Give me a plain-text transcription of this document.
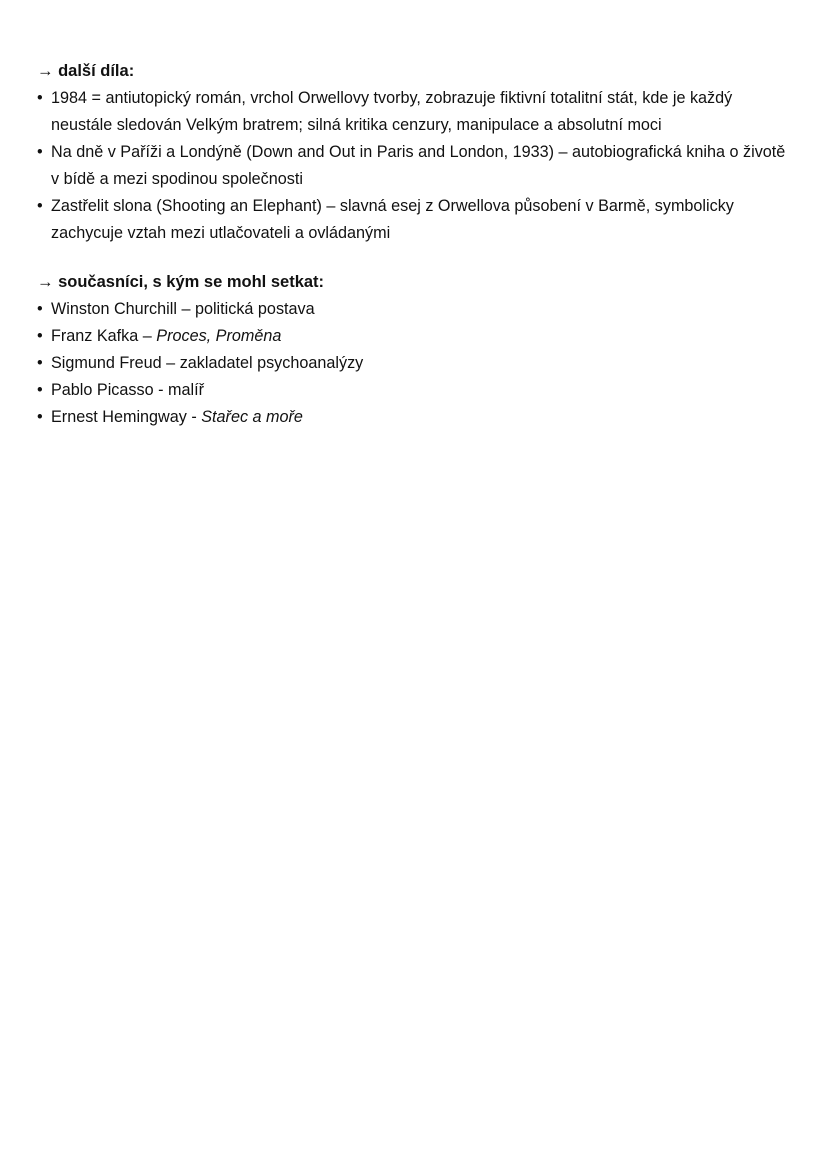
→ další díla:

• 1984 = antiutopický román, vrchol Orwellovy tvorby, zobrazuje fiktivní totalitní stát, kde je každý neustále sledován Velkým bratrem; silná kritika cenzury, manipulace a absolutní moci
• Na dně v Paříži a Londýně (Down and Out in Paris and London, 1933) – autobiografická kniha o životě v bídě a mezi spodinou společnosti
• Zastřelit slona (Shooting an Elephant) – slavná esej z Orwellova působení v Barmě, symbolicky zachycuje vztah mezi utlačovateli a ovládanými

→ současníci, s kým se mohl setkat:

• Winston Churchill – politická postava
• Franz Kafka – Proces, Proměna
• Sigmund Freud – zakladatel psychoanalýzy
• Pablo Picasso - malíř
• Ernest Hemingway - Stařec a moře
